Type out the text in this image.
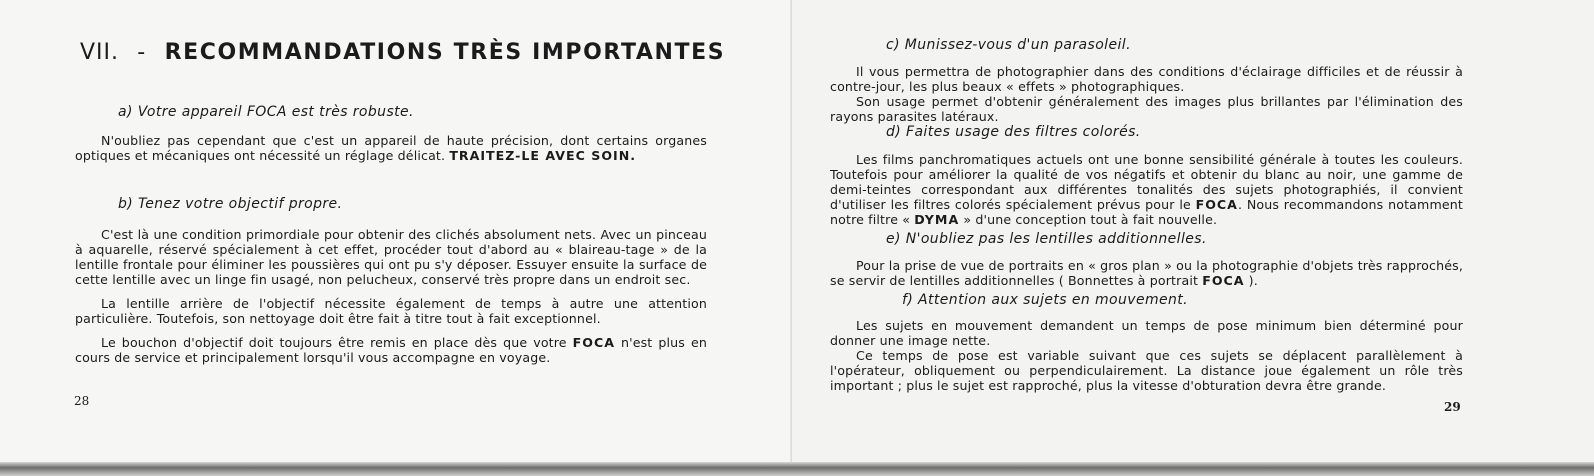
VII. - RECOMMANDATIONS TRÈS IMPORTANTES
a) Votre appareil FOCA est très robuste.

N'oubliez pas cependant que c'est un appareil de haute précision, dont certains organes optiques et mécaniques ont nécessité un réglage délicat. TRAITEZ-LE AVEC SOIN.

b) Tenez votre objectif propre.

C'est là une condition primordiale pour obtenir des clichés absolument nets. Avec un pinceau à aquarelle, réservé spécialement à cet effet, procéder tout d'abord au « blaireau-tage » de la lentille frontale pour éliminer les poussières qui ont pu s'y déposer. Essuyer ensuite la surface de cette lentille avec un linge fin usagé, non pelucheux, conservé très propre dans un endroit sec.

La lentille arrière de l'objectif nécessite également de temps à autre une attention particulière. Toutefois, son nettoyage doit être fait à titre tout à fait exceptionnel.

Le bouchon d'objectif doit toujours être remis en place dès que votre FOCA n'est plus en cours de service et principalement lorsqu'il vous accompagne en voyage.

28
c) Munissez-vous d'un parasoleil.

Il vous permettra de photographier dans des conditions d'éclairage difficiles et de réussir à contre-jour, les plus beaux « effets » photographiques.

Son usage permet d'obtenir généralement des images plus brillantes par l'élimination des rayons parasites latéraux.

d) Faites usage des filtres colorés.

Les films panchromatiques actuels ont une bonne sensibilité générale à toutes les couleurs. Toutefois pour améliorer la qualité de vos négatifs et obtenir du blanc au noir, une gamme de demi-teintes correspondant aux différentes tonalités des sujets photographiés, il convient d'utiliser les filtres colorés spécialement prévus pour le FOCA. Nous recommandons notamment notre filtre « DYMA » d'une conception tout à fait nouvelle.

e) N'oubliez pas les lentilles additionnelles.

Pour la prise de vue de portraits en « gros plan » ou la photographie d'objets très rapprochés, se servir de lentilles additionnelles ( Bonnettes à portrait FOCA ).

f) Attention aux sujets en mouvement.

Les sujets en mouvement demandent un temps de pose minimum bien déterminé pour donner une image nette.

Ce temps de pose est variable suivant que ces sujets se déplacent parallèlement à l'opérateur, obliquement ou perpendiculairement. La distance joue également un rôle très important ; plus le sujet est rapproché, plus la vitesse d'obturation devra être grande.

29
